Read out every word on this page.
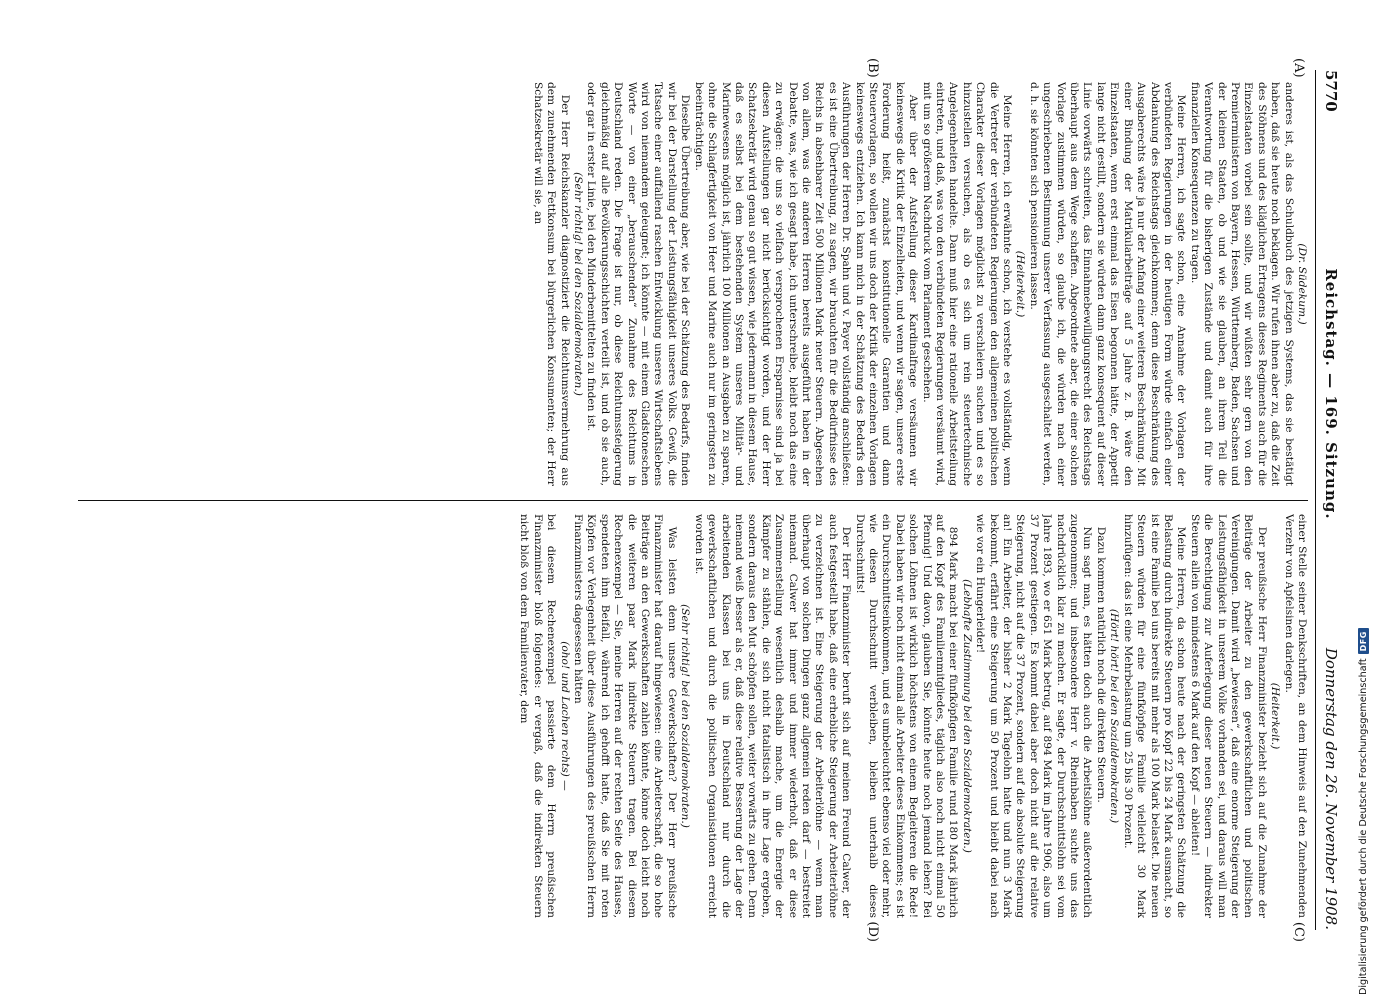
5770
Reichstag. — 169. Sitzung.
Donnerstag den 26. November 1908.
(A)
(B)
(C)
(D)

(Dr. Südekum.)

anderes ist, als das Schuldbuch des jetzigen Systems, das sie bestätigt haben, daß sie heute noch beklagen. Wir rufen ihnen aber zu, daß die Zeit des Stöhnens und des kläglichen Ertragens dieses Regiments auch für die Einzelstaaten vorbei sein sollte, und wir wüßten sehr gern von den Premierministern von Bayern, Hessen, Württemberg, Baden, Sachsen und der kleinen Staaten, ob und wie sie glauben, an ihrem Teil die Verantwortung für die bisherigen Zustände und damit auch für ihre finanziellen Konsequenzen zu tragen.

Meine Herren, ich sagte schon, eine Annahme der Vorlagen der verbündeten Regierungen in der heutigen Form würde einfach einer Abdankung des Reichstags gleichkommen; denn diese Beschränkung des Ausgaberechts wäre ja nur der Anfang einer weiteren Beschränkung. Mit einer Bindung der Matrikularbeiträge auf 5 Jahre z. B. wäre den Einzelstaaten, wenn erst einmal das Eisen begonnen hätte, der Appetit lange nicht gestillt, sondern sie würden dann ganz konsequent auf dieser Linie vorwärts schreiten, das Einnahmebewilligungsrecht des Reichstags überhaupt aus dem Wege schaffen. Abgeordnete aber, die einer solchen Vorlage zustimmen würden, so glaube ich, die würden nach einer ungeschriebenen Bestimmung unserer Verfassung ausgeschaltet werden, d. h. sie könnten sich pensionieren lassen.

(Heiterkeit.)

Meine Herren, ich erwähnte schon, ich verstehe es vollständig, wenn die Vertreter der verbündeten Regierungen den allgemeinen politischen Charakter dieser Vorlagen möglichst zu verschleiern suchen und es so hinzustellen versuchen, als ob es sich um rein steuertechnische Angelegenheiten handelte. Dann muß hier eine rationelle Arbeitsteilung eintreten, und daß, was von den verbündeten Regierungen versäumt wird, mit um so größerem Nachdruck vom Parlament geschehen.

Aber über der Aufstellung dieser Kardinalfrage versäumen wir keineswegs die Kritik der Einzelheiten, und wenn wir sagen, unsere erste Forderung heißt, zunächst konstitutionelle Garantien und dann Steuervorlagen, so wollen wir uns doch der Kritik der einzelnen Vorlagen keineswegs entziehen. Ich kann mich in der Schätzung des Bedarfs den Ausführungen der Herren Dr. Spahn und v. Payer vollständig anschließen: es ist eine Übertreibung, zu sagen, wir brauchten für die Bedürfnisse des Reichs in absehbarer Zeit 500 Millionen Mark neuer Steuern. Abgesehen von allem, was die anderen Herren bereits ausgeführt haben in der Debatte, was, wie ich gesagt habe, ich unterschreibe, bleibt noch das eine zu erwägen: die uns so vielfach versprochenen Ersparnisse sind ja bei diesen Aufstellungen gar nicht berücksichtigt worden, und der Herr Schatzsekretär wird genau so gut wissen, wie jedermann in diesem Hause, daß es selbst bei dem bestehenden System unseres Militär- und Marinewesens möglich ist, jährlich 100 Millionen an Ausgaben zu sparen, ohne die Schlagfertigkeit von Heer und Marine auch nur im geringsten zu beeinträchtigen.

Dieselbe Übertreibung aber, wie bei der Schätzung des Bedarfs, finden wir bei der Darstellung der Leistungsfähigkeit unseres Volks. Gewiß, die Tatsache einer auffallend raschen Entwicklung unseres Wirtschaftslebens wird von niemandem geleugnet; ich könnte — mit einem Gladstoneschen Worte — von einer „berauschenden“ Zunahme des Reichtums in Deutschland reden. Die Frage ist nur, ob diese Reichtumssteigerung gleichmäßig auf alle Bevölkerungsschichten verteilt ist, und ob sie auch, oder gar in erster Linie, bei den Minderbemittelten zu finden ist.

(Sehr richtig! bei den Sozialdemokraten.)

Der Herr Reichskanzler diagnostiziert die Reichtumsvermehrung aus dem zunehmenden Fettkonsum bei bürgerlichen Konsumenten; der Herr Schatzsekretär will sie, an

einer Stelle seiner Denkschriften, an dem Hinweis auf den Zunehmenden Verzehr von Apfelsinen darlegen.

(Heiterkeit.)

Der preußische Herr Finanzminister bezieht sich auf die Zunahme der Beiträge der Arbeiter zu den gewerkschaftlichen und politischen Vereinigungen. Damit wird „bewiesen“, daß eine enorme Steigerung der Leistungsfähigkeit in unserem Volke vorhanden sei, und daraus will man die Berechtigung zur Auferlegung dieser neuen Steuern — indirekter Steuern allein von mindestens 6 Mark auf den Kopf — ableiten!

Meine Herren, da schon heute nach der geringsten Schätzung die Belastung durch indirekte Steuern pro Kopf 22 bis 24 Mark ausmacht, so ist eine Familie bei uns bereits mit mehr als 100 Mark belastet. Die neuen Steuern würden für eine fünfköpfige Familie vielleicht 30 Mark hinzufügen: das ist eine Mehrbelastung um 25 bis 30 Prozent.

(Hört! hört! bei den Sozialdemokraten.)

Dazu kommen natürlich noch die direkten Steuern.

Nun sagt man, es hätten doch auch die Arbeitslöhne außerordentlich zugenommen; und insbesondere Herr v. Rheinbaben suchte uns das nachdrücklich klar zu machen. Er sagte, der Durchschnittslohn sei vom Jahre 1893, wo er 651 Mark betrug, auf 894 Mark im Jahre 1906, also um 37 Prozent gestiegen. Es kommt dabei aber doch nicht auf die relative Steigerung, nicht auf die 37 Prozent, sondern auf die absolute Steigerung an! Ein Arbeiter, der bisher 2 Mark Tagelohn hatte und nun 3 Mark bekommt, erfährt eine Steigerung um 50 Prozent und bleibt dabei nach wie vor ein Hungerleider!

(Lebhafte Zustimmung bei den Sozialdemokraten.)

894 Mark macht bei einer fünfköpfigen Familie rund 180 Mark jährlich auf den Kopf des Familienmitgliedes, täglich also noch nicht einmal 50 Pfennig! Und davon, glauben Sie, könnte heute noch jemand leben? Bei solchen Löhnen ist wirklich höchstens von einem Begleiteren die Rede! Dabei haben wir noch nicht einmal alle Arbeiter dieses Einkommens; es ist ein Durchschnittseinkommen, und es umbeleuchtet ebenso viel oder mehr, wie diesen Durchschnitt verbleiben, bleiben unterhalb dieses Durchschnitts!

Der Herr Finanzminister beruft sich auf meinen Freund Calwer, der auch festgestellt habe, daß eine erhebliche Steigerung der Arbeiterlöhne zu verzeichnen ist. Eine Steigerung der Arbeiterlöhne — wenn man überhaupt von solchen Dingen ganz allgemein reden darf — bestreitet niemand. Calwer hat immer und immer wiederholt, daß er diese Zusammenstellung wesentlich deshalb mache, um die Energie der Kämpfer zu stählen, die sich nicht fatalistisch in ihre Lage ergeben, sondern daraus den Mut schöpfen sollen, weiter vorwärts zu gehen. Denn niemand weiß besser als er, daß diese relative Besserung der Lage der arbeitenden Klassen bei uns in Deutschland nur durch die gewerkschaftlichen und durch die politischen Organisationen erreicht worden ist.

(Sehr richtig! bei den Sozialdemokraten.)

Was leisten denn unsere Gewerkschaften? Der Herr preußische Finanzminister hat darauf hingewiesen: eine Arbeiterschaft, die so hohe Beiträge an den Gewerkschaften zahlen könnte, könne doch leicht noch die weiteren paar Mark indirekte Steuern tragen. Bei diesem Rechenexempel — Sie, meine Herren auf der rechten Seite des Hauses, spendeten ihm Beifall, während ich gehofft hatte, daß Sie mit roten Köpfen vor Verlegenheit über diese Ausführungen des preußischen Herrn Finanzministers dagesessen hätten

(oho! und Lachen rechts) —

bei diesem Rechenexempel passierte dem Herrn preußischen Finanzminister bloß folgendes: er vergaß, daß die indirekten Steuern nicht bloß von dem Familienvater, dem

Digitalisierung gefördert durch die Deutsche Forschungsgemeinschaft
DFG
